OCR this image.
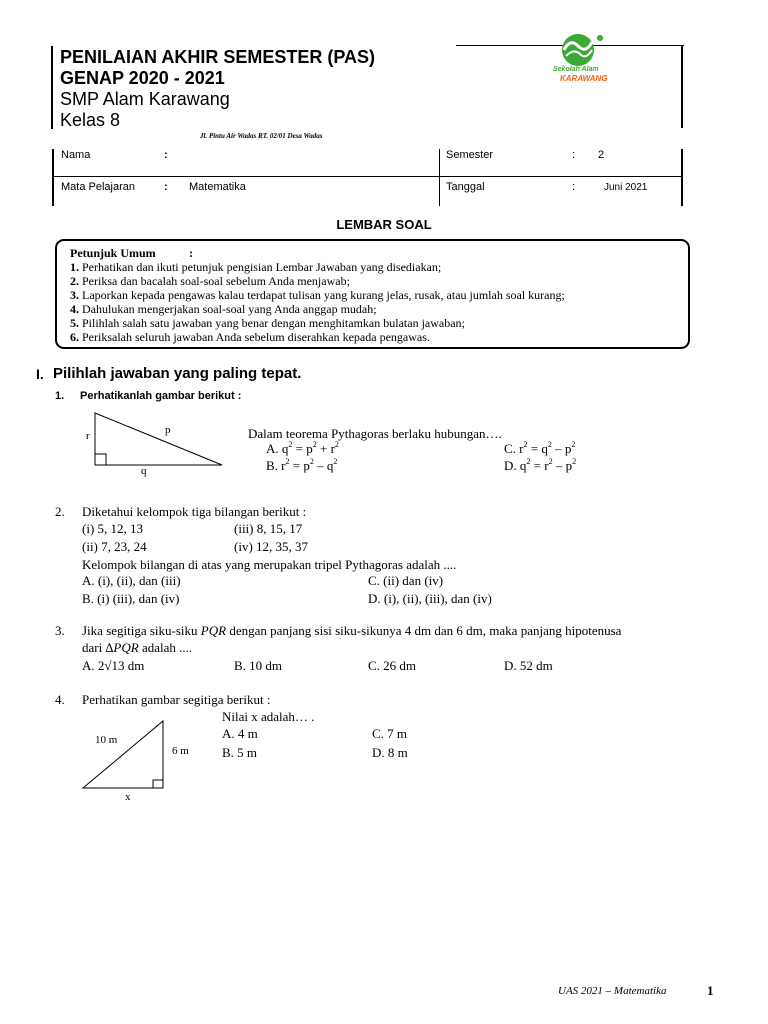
PENILAIAN AKHIR SEMESTER (PAS)
GENAP 2020 - 2021
SMP Alam Karawang
Kelas 8
Sekolah Alam
KARAWANG
Jl. Pintu Air Wadas RT. 02/01 Desa Wadas
Nama	:	Semester	: 2
Mata Pelajaran	: Matematika	Tanggal	:	Juni 2021
LEMBAR SOAL
Petunjuk Umum	:
1. Perhatikan dan ikuti petunjuk pengisian Lembar Jawaban yang disediakan;
2. Periksa dan bacalah soal-soal sebelum Anda menjawab;
3. Laporkan kepada pengawas kalau terdapat tulisan yang kurang jelas, rusak, atau jumlah soal kurang;
4. Dahulukan mengerjakan soal-soal yang Anda anggap mudah;
5. Pilihlah salah satu jawaban yang benar dengan menghitamkan bulatan jawaban;
6. Periksalah seluruh jawaban Anda sebelum diserahkan kepada pengawas.
I. Pilihlah jawaban yang paling tepat.
1. Perhatikanlah gambar berikut :
r	p
q
Dalam teorema Pythagoras berlaku hubungan….
A. $q^2 = p^2 + r^2$
B. $r^2 = p^2 - q^2$
C. $r^2 = q^2 - p^2$
D. $q^2 = r^2 - p^2$
2. Diketahui kelompok tiga bilangan berikut :
(i) 5, 12, 13	(iii) 8, 15, 17
(ii) 7, 23, 24	(iv) 12, 35, 37
Kelompok bilangan di atas yang merupakan tripel Pythagoras adalah ....
A. (i), (ii), dan (iii)	C. (ii) dan (iv)
B. (i) (iii), dan (iv)	D. (i), (ii), (iii), dan (iv)
3. Jika segitiga siku-siku PQR dengan panjang sisi siku-sikunya 4 dm dan 6 dm, maka panjang hipotenusa
dari ∆PQR adalah ....
A. 2√13 dm	B. 10 dm	C. 26 dm	D. 52 dm
4. Perhatikan gambar segitiga berikut :
Nilai x adalah… .
A. 4 m	C. 7 m
B. 5 m	D. 8 m
10 m
6 m
x
UAS 2021 – Matematika	1
